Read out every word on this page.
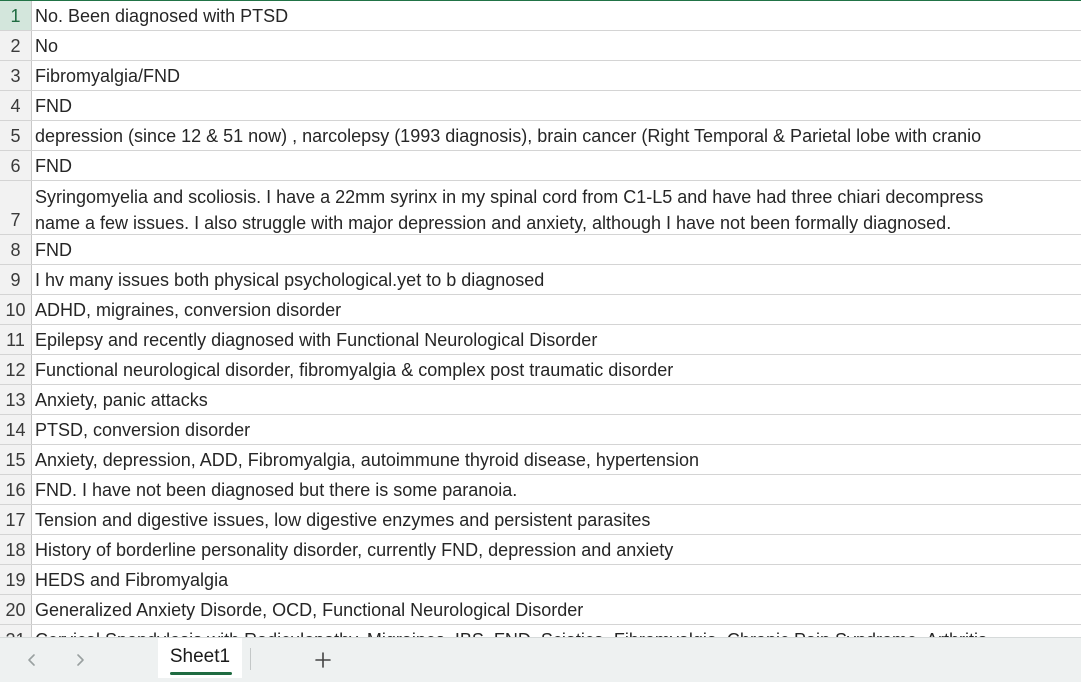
1 No. Been diagnosed with PTSD
2 No
3 Fibromyalgia/FND
4 FND
5 depression (since 12 & 51 now) , narcolepsy (1993 diagnosis), brain cancer (Right Temporal & Parietal lobe with cranio
6 FND
7
Syringomyelia and scoliosis. I have a 22mm syrinx in my spinal cord from C1-L5 and have had three chiari decompress
name a few issues. I also struggle with major depression and anxiety, although I have not been formally diagnosed.
8 FND
9 I hv many issues both physical psychological.yet to b diagnosed
10 ADHD, migraines, conversion disorder
11 Epilepsy and recently diagnosed with Functional Neurological Disorder
12 Functional neurological disorder, fibromyalgia & complex post traumatic disorder
13 Anxiety, panic attacks
14 PTSD, conversion disorder
15 Anxiety, depression, ADD, Fibromyalgia, autoimmune thyroid disease, hypertension
16 FND. I have not been diagnosed but there is some paranoia.
17 Tension and digestive issues, low digestive enzymes and persistent parasites
18 History of borderline personality disorder, currently FND, depression and anxiety
19 HEDS and Fibromyalgia
20 Generalized Anxiety Disorde, OCD, Functional Neurological Disorder
Sheet1
